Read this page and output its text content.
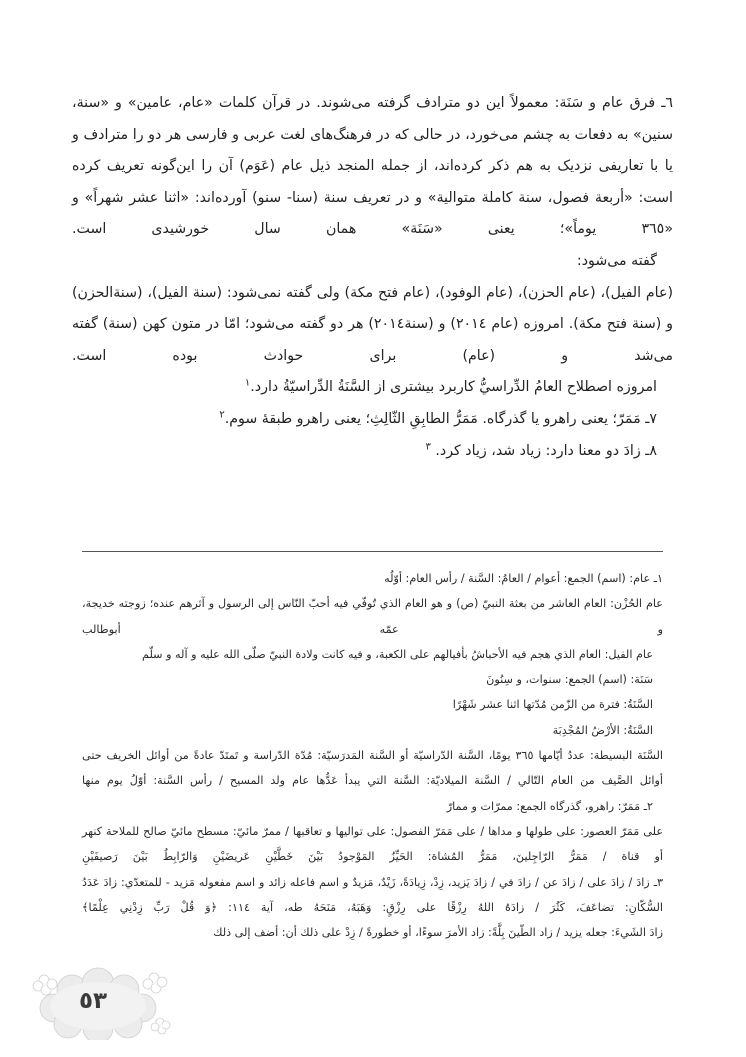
٦ـ فرق عام و سَنَة: معمولاً این دو مترادف گرفته می‌شوند. در قرآن کلمات «عام، عامین» و «سنة، سنین» به دفعات به چشم می‌خورد، در حالی که در فرهنگ‌های لغت عربی و فارسی هر دو را مترادف و یا با تعاریفی نزدیک به هم ذکر کرده‌اند، از جمله المنجد ذیل عام (عَوَم) آن را این‌گونه تعریف کرده است: «أربعة فصول، سنة کاملة متوالیة» و در تعریف سنة (سنا- سنو) آورده‌اند: «اثنا عشر شهراً» و «٣٦٥ یوماً»؛ یعنی «سَنَة» همان سال خورشیدی است.

گفته می‌شود:

(عام الفیل)، (عام الحزن)، (عام الوفود)، (عام فتح مکة) ولی گفته نمی‌شود: (سنة الفیل)، (سنةالحزن) و (سنة فتح مکة). امروزه (عام ٢٠١٤) و (سنة٢٠١٤) هر دو گفته می‌شود؛ امّا در متون کهن (سنة) گفته می‌شد و (عام) برای حوادث بوده است.

امروزه اصطلاح العامُ الدِّراسيُّ کاربرد بیشتری از السَّنَةُ الدِّراسیّةُ دارد.$^١$

٧ـ مَمَرّ؛ یعنی راهرو یا گذرگاه. مَمَرُّ الطابِقِ الثّالِثِ؛ یعنی راهرو طبقهٔ سوم.$^٢$

٨ـ زادَ دو معنا دارد: زیاد شد، زیاد کرد. $^٣$

١ـ عام: (اسم) الجمع: أعوام / العامُ: السَّنة / رأس العام: أوّلُه

عام الحُزْن: العام العاشر من بعثة النبيّ (ص) و هو العام الذي تُوفّي فیه أحبّ النّاس إلی الرسول و آثرهم عنده؛ زوجته خدیجة، و عمّه أبوطالب

عام الفیل: العام الذي هجم فیه الأحباشُ بأفیالهم علی الکعبة، و فیه کانت ولادة النبيّ صلّی الله علیه و آله و سلّم

سَنَة: (اسم) الجمع: سنوات، و سِنُونَ

السَّنَةُ: فترة من الزّمن مُدّتها اثنا عشر شَهْرًا

السَّنَةُ: الأرْضُ المُجْدِبَة

السَّنَة البسیطة: عددُ أیّامها ٣٦٥ یومًا، السَّنة الدّراسیّة أو السَّنة المَدرَسیّة: مُدّة الدّراسة و تَمتَدّ عادةً من أوائل الخریف حتی أوائل الصَّیف من العام التّالي / السَّنة المیلادیّة: السَّنة التي یبدأ عَدُّها عام ولد المسیح / رأس السَّنة: أوّلُ یوم منها

٢ـ مَمَرّ: راهرو، گذرگاه الجمع: ممرّات و ممارّ

علی مَمَرّ العصور: علی طولها و مداها / علی مَمَرّ الفصول: علی توالیها و تعاقبها / ممرّ مائيّ: مسطح مائيّ صالح للملاحة کنهر أو قناة / مَمَرُّ الرّاجِلینَ، مَمَرُّ المُشاة: الحَیِّزُ المَوْجودُ بَیْنَ خَطَّیْنِ عَریضَیْنِ وَالرّابِطُ بَیْنَ رَصیفَیْنِ

٣ـ زادَ / زادَ علی / زادَ عن / زادَ في / زادَ یَزید، زِدْ، زِیادَةً، زَیْدٌ، مَزیدٌ و اسم فاعله زائد و اسم مفعوله مَزید - للمتعدّي: زادَ عَدَدُ السُّکّانِ: تضاعَفَ، کَثُرَ / زادَهُ اللهُ رِزْقًا علی رِزْقٍ: وَهَبَهُ، مَنَحَهُ طه، آیة ١١٤: ﴿وَ قُلْ رَبِّ زِدْنِي عِلْمًا﴾

زادَ الشَيءَ: جعله یزید / زاد الطّینَ بِلَّةً: زاد الأمرَ سوءًا، أو خطورةً / زِدْ علی ذلك أن: أضف إلی ذلك

٥٣
